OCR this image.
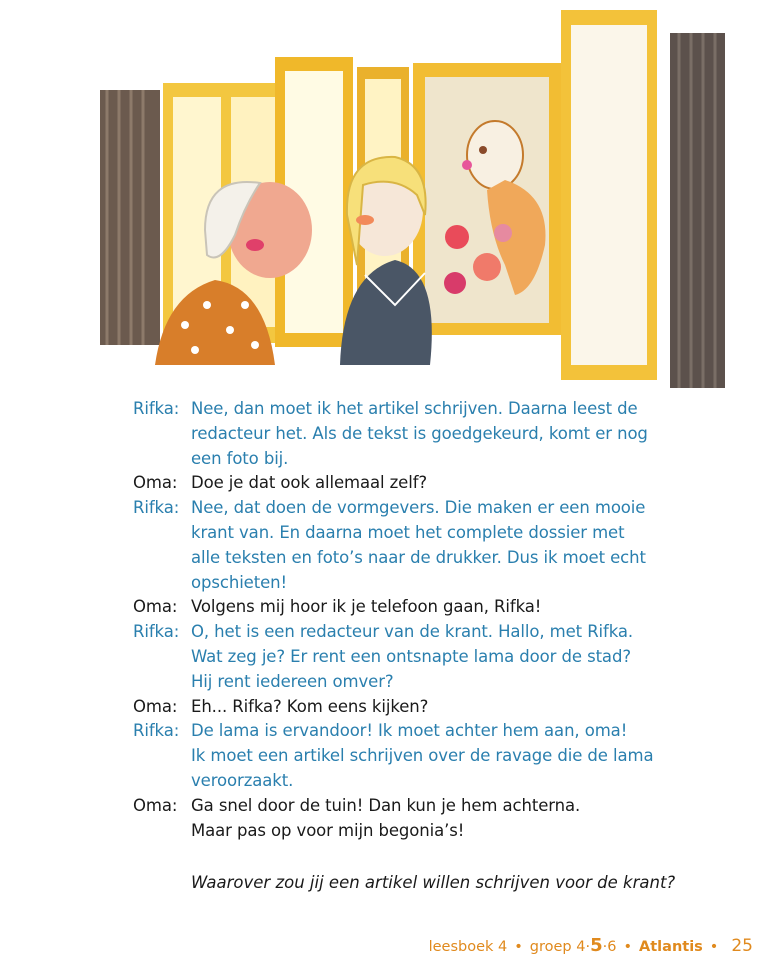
Rifka: Nee, dan moet ik het artikel schrijven. Daarna leest de
redacteur het. Als de tekst is goedgekeurd, komt er nog
een foto bij.
Oma: Doe je dat ook allemaal zelf?
Rifka: Nee, dat doen de vormgevers. Die maken er een mooie
krant van. En daarna moet het complete dossier met
alle teksten en foto’s naar de drukker. Dus ik moet echt
opschieten!
Oma: Volgens mij hoor ik je telefoon gaan, Rifka!
Rifka: O, het is een redacteur van de krant. Hallo, met Rifka.
Wat zeg je? Er rent een ontsnapte lama door de stad?
Hij rent iedereen omver?
Oma: Eh... Rifka? Kom eens kijken?
Rifka: De lama is ervandoor! Ik moet achter hem aan, oma!
Ik moet een artikel schrijven over de ravage die de lama
veroorzaakt.
Oma: Ga snel door de tuin! Dan kun je hem achterna.
Maar pas op voor mijn begonia’s!
Waarover zou jij een artikel willen schrijven voor de krant?
leesboek 4 • groep 4·5·6 • Atlantis • 25
